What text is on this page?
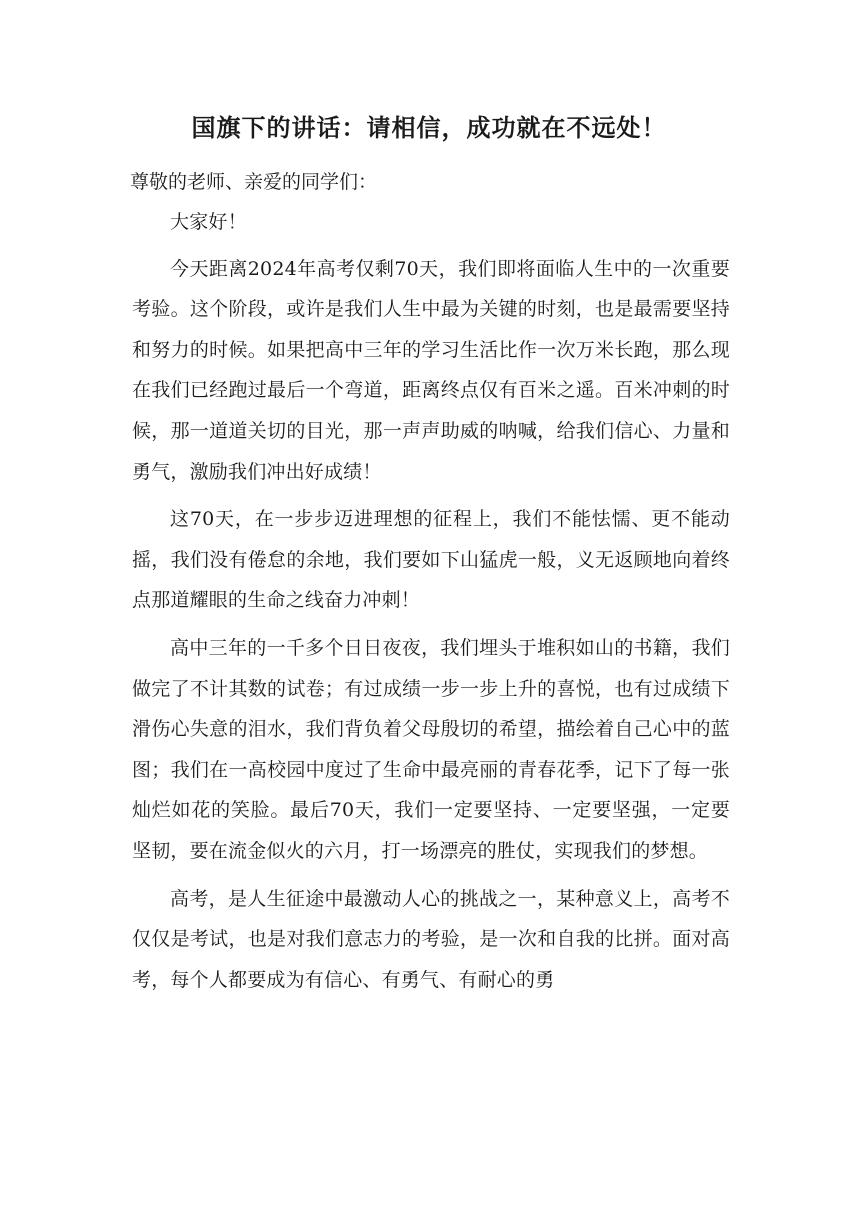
国旗下的讲话：请相信，成功就在不远处！

尊敬的老师、亲爱的同学们：

大家好！

今天距离2024年高考仅剩70天，我们即将面临人生中的一次重要考验。这个阶段，或许是我们人生中最为关键的时刻，也是最需要坚持和努力的时候。如果把高中三年的学习生活比作一次万米长跑，那么现在我们已经跑过最后一个弯道，距离终点仅有百米之遥。百米冲刺的时候，那一道道关切的目光，那一声声助威的呐喊，给我们信心、力量和勇气，激励我们冲出好成绩！

这70天，在一步步迈进理想的征程上，我们不能怯懦、更不能动摇，我们没有倦怠的余地，我们要如下山猛虎一般，义无返顾地向着终点那道耀眼的生命之线奋力冲刺！

高中三年的一千多个日日夜夜，我们埋头于堆积如山的书籍，我们做完了不计其数的试卷；有过成绩一步一步上升的喜悦，也有过成绩下滑伤心失意的泪水，我们背负着父母殷切的希望，描绘着自己心中的蓝图；我们在一高校园中度过了生命中最亮丽的青春花季，记下了每一张灿烂如花的笑脸。最后70天，我们一定要坚持、一定要坚强，一定要坚韧，要在流金似火的六月，打一场漂亮的胜仗，实现我们的梦想。

高考，是人生征途中最激动人心的挑战之一，某种意义上，高考不仅仅是考试，也是对我们意志力的考验，是一次和自我的比拼。面对高考，每个人都要成为有信心、有勇气、有耐心的勇
